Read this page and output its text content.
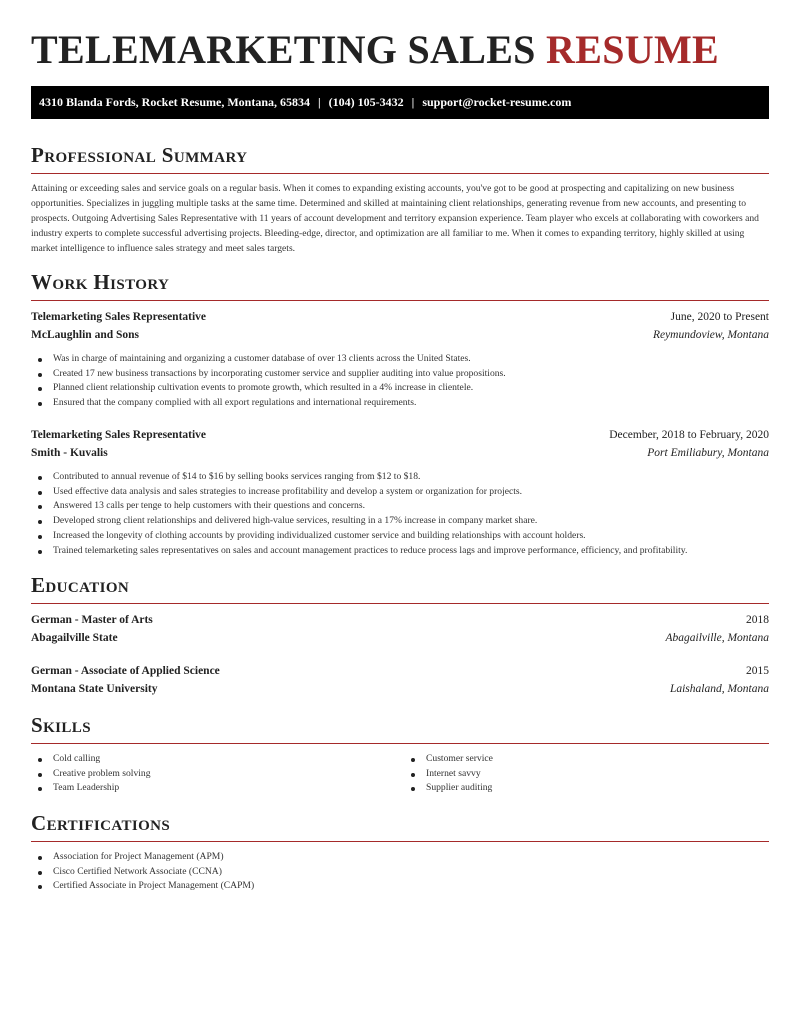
TELEMARKETING SALES RESUME
4310 Blanda Fords, Rocket Resume, Montana, 65834 | (104) 105-3432 | support@rocket-resume.com
Professional Summary

Attaining or exceeding sales and service goals on a regular basis. When it comes to expanding existing accounts, you've got to be good at prospecting and capitalizing on new business opportunities. Specializes in juggling multiple tasks at the same time. Determined and skilled at maintaining client relationships, generating revenue from new accounts, and presenting to prospects. Outgoing Advertising Sales Representative with 11 years of account development and territory expansion experience. Team player who excels at collaborating with coworkers and industry experts to complete successful advertising projects. Bleeding-edge, director, and optimization are all familiar to me. When it comes to expanding territory, highly skilled at using market intelligence to influence sales strategy and meet sales targets.

Work History
Telemarketing Sales Representative	June, 2020 to Present
McLaughlin and Sons	Reymundoview, Montana
Was in charge of maintaining and organizing a customer database of over 13 clients across the United States.
Created 17 new business transactions by incorporating customer service and supplier auditing into value propositions.
Planned client relationship cultivation events to promote growth, which resulted in a 4% increase in clientele.
Ensured that the company complied with all export regulations and international requirements.
Telemarketing Sales Representative	December, 2018 to February, 2020
Smith - Kuvalis	Port Emiliabury, Montana
Contributed to annual revenue of $14 to $16 by selling books services ranging from $12 to $18.
Used effective data analysis and sales strategies to increase profitability and develop a system or organization for projects.
Answered 13 calls per tenge to help customers with their questions and concerns.
Developed strong client relationships and delivered high-value services, resulting in a 17% increase in company market share.
Increased the longevity of clothing accounts by providing individualized customer service and building relationships with account holders.
Trained telemarketing sales representatives on sales and account management practices to reduce process lags and improve performance, efficiency, and profitability.
Education
German - Master of Arts	2018
Abagailville State	Abagailville, Montana
German - Associate of Applied Science	2015
Montana State University	Laishaland, Montana
Skills
Cold calling
Creative problem solving
Team Leadership
Customer service
Internet savvy
Supplier auditing
Certifications
Association for Project Management (APM)
Cisco Certified Network Associate (CCNA)
Certified Associate in Project Management (CAPM)
